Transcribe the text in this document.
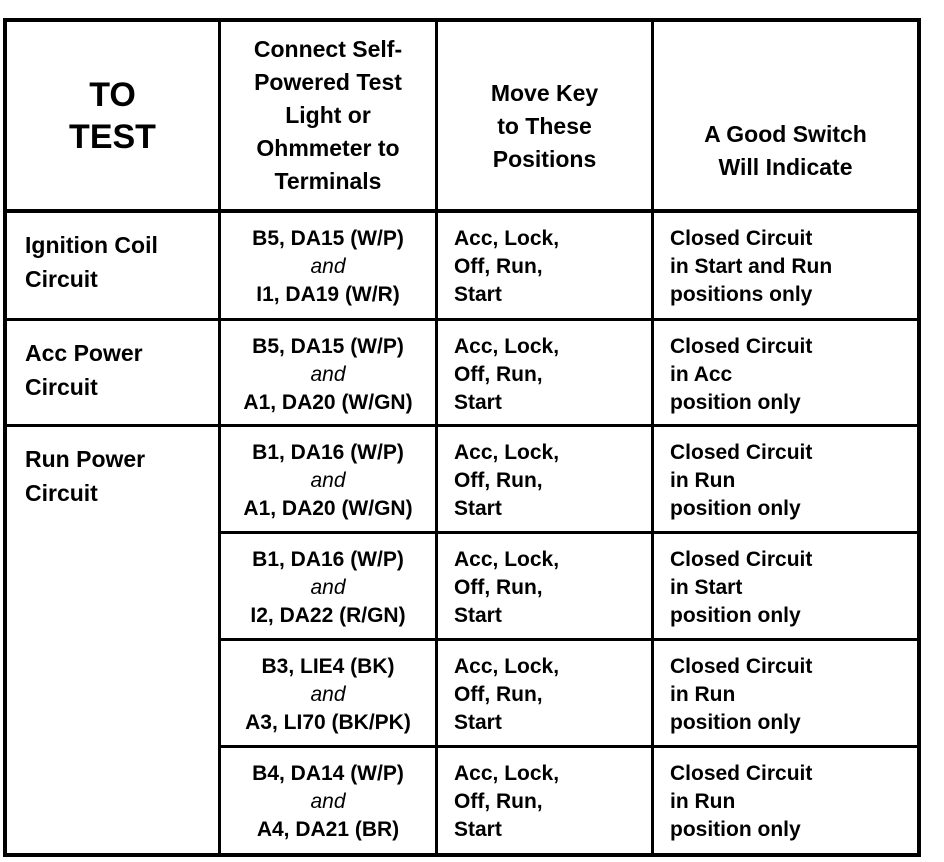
TO
TEST
Connect Self-
Powered Test
Light or
Ohmmeter to
Terminals
Move Key
to These
Positions
A Good Switch
Will Indicate
Ignition Coil
Circuit
B5, DA15 (W/P)
and
I1, DA19 (W/R)
Acc, Lock,
Off, Run,
Start
Closed Circuit
in Start and Run
positions only
Acc Power
Circuit
B5, DA15 (W/P)
and
A1, DA20 (W/GN)
Acc, Lock,
Off, Run,
Start
Closed Circuit
in Acc
position only
Run Power
Circuit
B1, DA16 (W/P)
and
A1, DA20 (W/GN)
Acc, Lock,
Off, Run,
Start
Closed Circuit
in Run
position only
B1, DA16 (W/P)
and
I2, DA22 (R/GN)
Acc, Lock,
Off, Run,
Start
Closed Circuit
in Start
position only
B3, LIE4 (BK)
and
A3, LI70 (BK/PK)
Acc, Lock,
Off, Run,
Start
Closed Circuit
in Run
position only
B4, DA14 (W/P)
and
A4, DA21 (BR)
Acc, Lock,
Off, Run,
Start
Closed Circuit
in Run
position only
